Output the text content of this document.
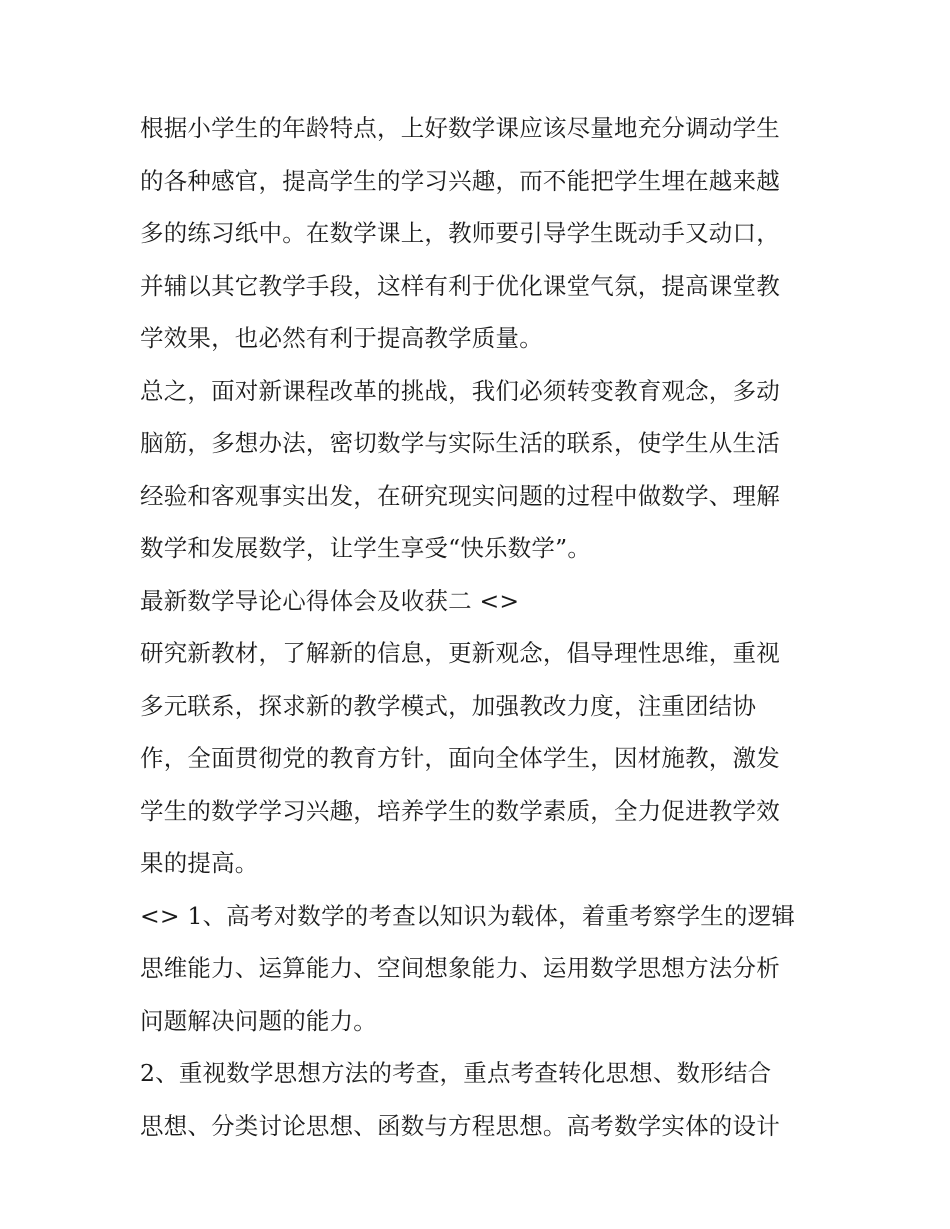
根据小学生的年龄特点，上好数学课应该尽量地充分调动学生
的各种感官，提高学生的学习兴趣，而不能把学生埋在越来越
多的练习纸中。在数学课上，教师要引导学生既动手又动口，
并辅以其它教学手段，这样有利于优化课堂气氛，提高课堂教
学效果，也必然有利于提高教学质量。
总之，面对新课程改革的挑战，我们必须转变教育观念，多动
脑筋，多想办法，密切数学与实际生活的联系，使学生从生活
经验和客观事实出发，在研究现实问题的过程中做数学、理解
数学和发展数学，让学生享受“快乐数学”。
最新数学导论心得体会及收获二 <>
研究新教材，了解新的信息，更新观念，倡导理性思维，重视
多元联系，探求新的教学模式，加强教改力度，注重团结协
作，全面贯彻党的教育方针，面向全体学生，因材施教，激发
学生的数学学习兴趣，培养学生的数学素质，全力促进教学效
果的提高。
<> 1、高考对数学的考查以知识为载体，着重考察学生的逻辑
思维能力、运算能力、空间想象能力、运用数学思想方法分析
问题解决问题的能力。
2、重视数学思想方法的考查，重点考查转化思想、数形结合
思想、分类讨论思想、函数与方程思想。高考数学实体的设计
